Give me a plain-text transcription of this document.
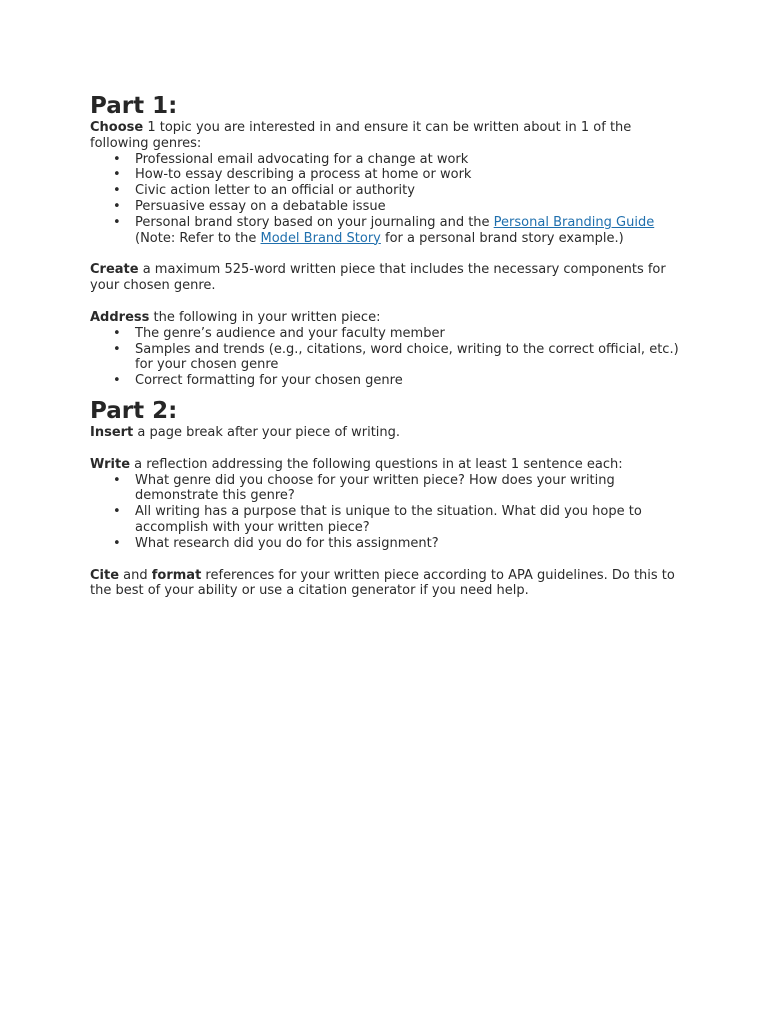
Part 1:

Choose 1 topic you are interested in and ensure it can be written about in 1 of the following genres:

• Professional email advocating for a change at work
• How-to essay describing a process at home or work
• Civic action letter to an official or authority
• Persuasive essay on a debatable issue
• Personal brand story based on your journaling and the Personal Branding Guide
(Note: Refer to the Model Brand Story for a personal brand story example.)

Create a maximum 525-word written piece that includes the necessary components for your chosen genre.

Address the following in your written piece:

• The genre’s audience and your faculty member
• Samples and trends (e.g., citations, word choice, writing to the correct official, etc.) for your chosen genre
• Correct formatting for your chosen genre
Part 2:

Insert a page break after your piece of writing.

Write a reflection addressing the following questions in at least 1 sentence each:

• What genre did you choose for your written piece? How does your writing demonstrate this genre?
• All writing has a purpose that is unique to the situation. What did you hope to accomplish with your written piece?
• What research did you do for this assignment?

Cite and format references for your written piece according to APA guidelines. Do this to the best of your ability or use a citation generator if you need help.
